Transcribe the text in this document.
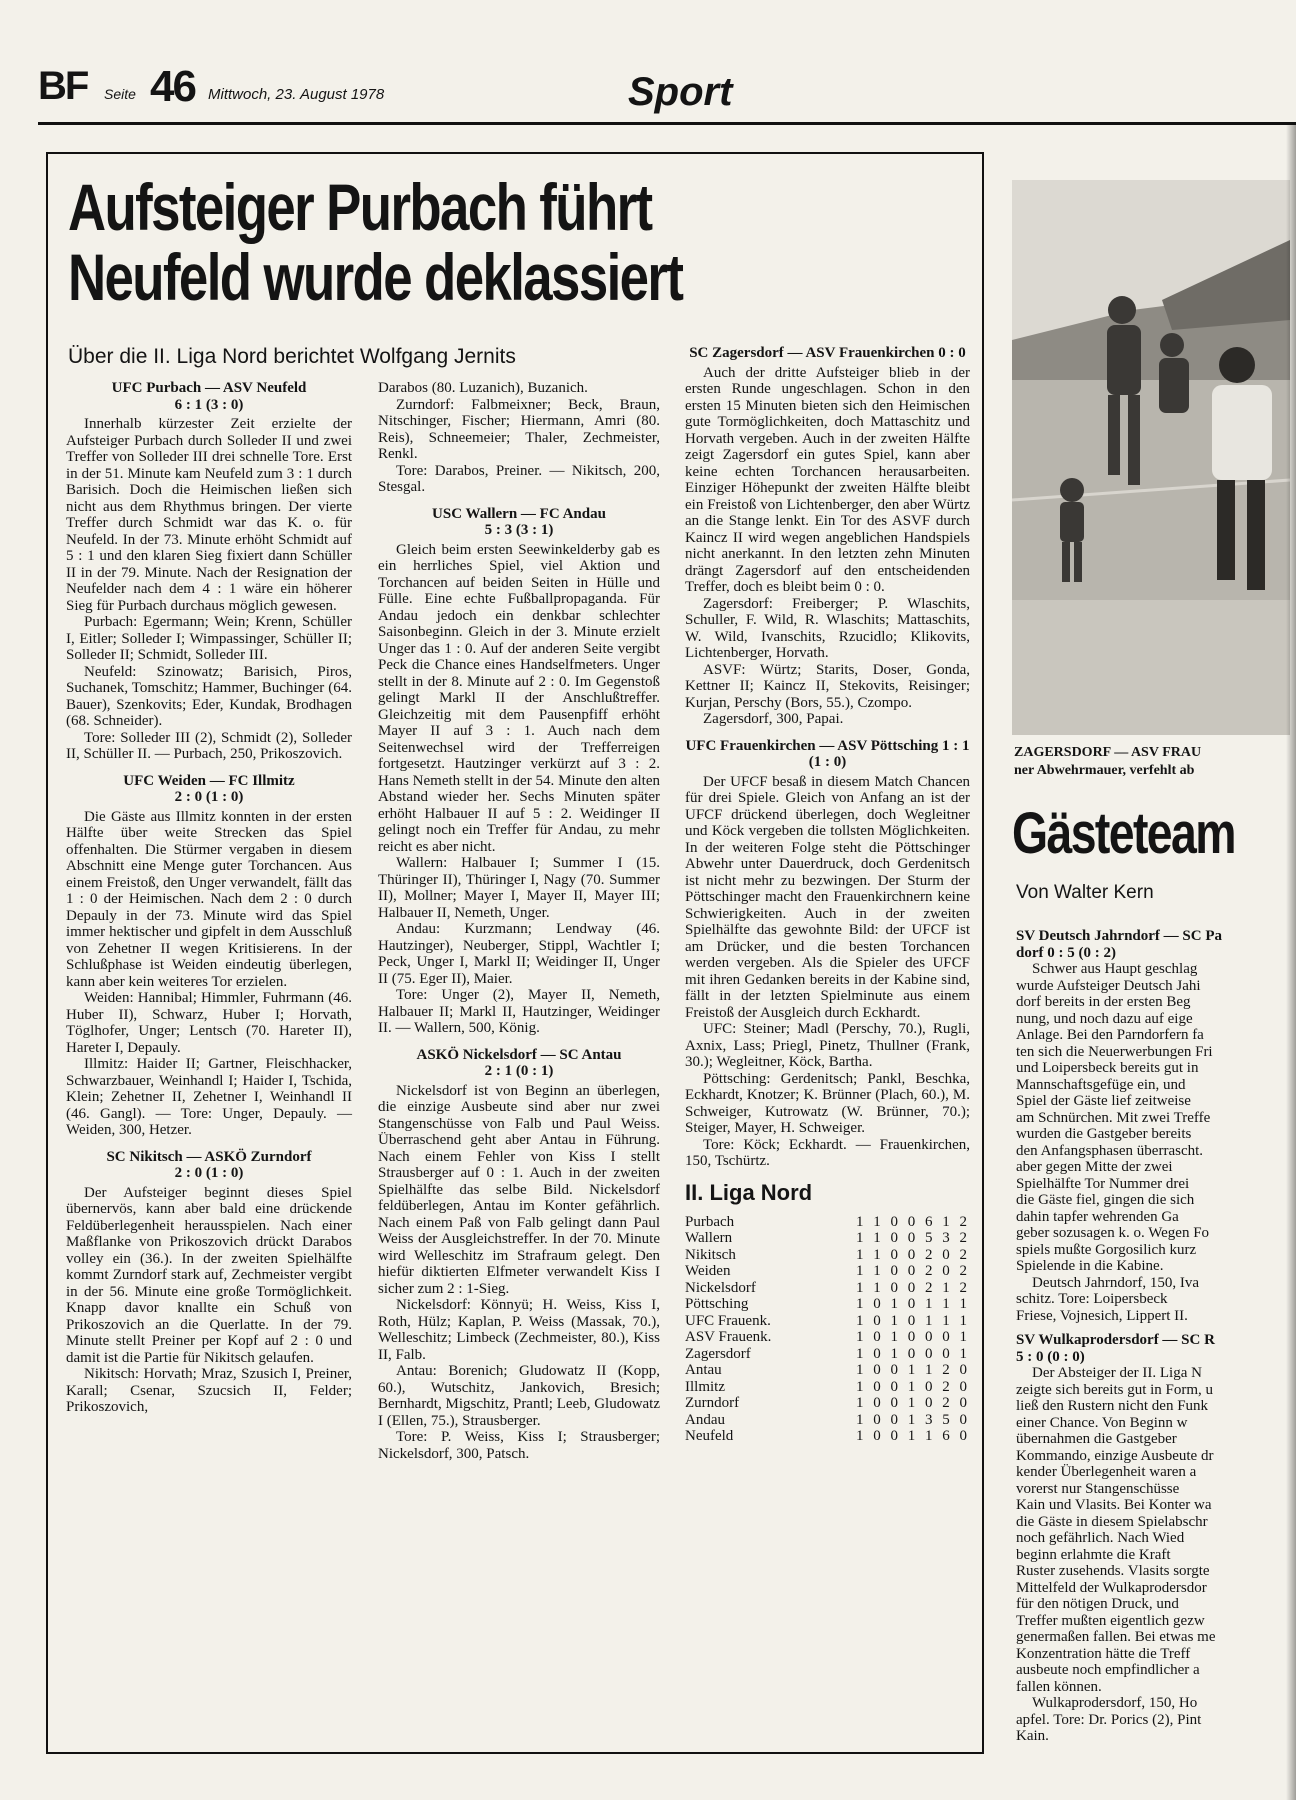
BF Seite 46 Mittwoch, 23. August 1978	Sport
Aufsteiger Purbach führt
Neufeld wurde deklassiert
Über die II. Liga Nord berichtet Wolfgang Jernits
UFC Purbach — ASV Neufeld
6 : 1 (3 : 0)

Innerhalb kürzester Zeit erzielte der Aufsteiger Purbach durch Solleder II und zwei Treffer von Solleder III drei schnelle Tore. Erst in der 51. Minute kam Neufeld zum 3 : 1 durch Barisich. Doch die Heimischen ließen sich nicht aus dem Rhythmus bringen. Der vierte Treffer durch Schmidt war das K. o. für Neufeld. In der 73. Minute erhöht Schmidt auf 5 : 1 und den klaren Sieg fixiert dann Schüller II in der 79. Minute. Nach der Resignation der Neufelder nach dem 4 : 1 wäre ein höherer Sieg für Purbach durchaus möglich gewesen.

Purbach: Egermann; Wein; Krenn, Schüller I, Eitler; Solleder I; Wimpassinger, Schüller II; Solleder II; Schmidt, Solleder III.

Neufeld: Szinowatz; Barisich, Piros, Suchanek, Tomschitz; Hammer, Buchinger (64. Bauer), Szenkovits; Eder, Kundak, Brodhagen (68. Schneider).

Tore: Solleder III (2), Schmidt (2), Solleder II, Schüller II. — Purbach, 250, Prikoszovich.

UFC Weiden — FC Illmitz
2 : 0 (1 : 0)

Die Gäste aus Illmitz konnten in der ersten Hälfte über weite Strecken das Spiel offenhalten. Die Stürmer vergaben in diesem Abschnitt eine Menge guter Torchancen. Aus einem Freistoß, den Unger verwandelt, fällt das 1 : 0 der Heimischen. Nach dem 2 : 0 durch Depauly in der 73. Minute wird das Spiel immer hektischer und gipfelt in dem Ausschluß von Zehetner II wegen Kritisierens. In der Schlußphase ist Weiden eindeutig überlegen, kann aber kein weiteres Tor erzielen.

Weiden: Hannibal; Himmler, Fuhrmann (46. Huber II), Schwarz, Huber I; Horvath, Töglhofer, Unger; Lentsch (70. Hareter II), Hareter I, Depauly.

Illmitz: Haider II; Gartner, Fleischhacker, Schwarzbauer, Weinhandl I; Haider I, Tschida, Klein; Zehetner II, Zehetner I, Weinhandl II (46. Gangl). — Tore: Unger, Depauly. — Weiden, 300, Hetzer.

SC Nikitsch — ASKÖ Zurndorf
2 : 0 (1 : 0)

Der Aufsteiger beginnt dieses Spiel übernervös, kann aber bald eine drückende Feldüberlegenheit herausspielen. Nach einer Maßflanke von Prikoszovich drückt Darabos volley ein (36.). In der zweiten Spielhälfte kommt Zurndorf stark auf, Zechmeister vergibt in der 56. Minute eine große Tormöglichkeit. Knapp davor knallte ein Schuß von Prikoszovich an die Querlatte. In der 79. Minute stellt Preiner per Kopf auf 2 : 0 und damit ist die Partie für Nikitsch gelaufen.

Nikitsch: Horvath; Mraz, Szusich I, Preiner, Karall; Csenar, Szucsich II, Felder; Prikoszovich,

Darabos (80. Luzanich), Buzanich.

Zurndorf: Falbmeixner; Beck, Braun, Nitschinger, Fischer; Hiermann, Amri (80. Reis), Schneemeier; Thaler, Zechmeister, Renkl.

Tore: Darabos, Preiner. — Nikitsch, 200, Stesgal.

USC Wallern — FC Andau
5 : 3 (3 : 1)

Gleich beim ersten Seewinkelderby gab es ein herrliches Spiel, viel Aktion und Torchancen auf beiden Seiten in Hülle und Fülle. Eine echte Fußballpropaganda. Für Andau jedoch ein denkbar schlechter Saisonbeginn. Gleich in der 3. Minute erzielt Unger das 1 : 0. Auf der anderen Seite vergibt Peck die Chance eines Handselfmeters. Unger stellt in der 8. Minute auf 2 : 0. Im Gegenstoß gelingt Markl II der Anschlußtreffer. Gleichzeitig mit dem Pausenpfiff erhöht Mayer II auf 3 : 1. Auch nach dem Seitenwechsel wird der Trefferreigen fortgesetzt. Hautzinger verkürzt auf 3 : 2. Hans Nemeth stellt in der 54. Minute den alten Abstand wieder her. Sechs Minuten später erhöht Halbauer II auf 5 : 2. Weidinger II gelingt noch ein Treffer für Andau, zu mehr reicht es aber nicht.

Wallern: Halbauer I; Summer I (15. Thüringer II), Thüringer I, Nagy (70. Summer II), Mollner; Mayer I, Mayer II, Mayer III; Halbauer II, Nemeth, Unger.

Andau: Kurzmann; Lendway (46. Hautzinger), Neuberger, Stippl, Wachtler I; Peck, Unger I, Markl II; Weidinger II, Unger II (75. Eger II), Maier.

Tore: Unger (2), Mayer II, Nemeth, Halbauer II; Markl II, Hautzinger, Weidinger II. — Wallern, 500, König.

ASKÖ Nickelsdorf — SC Antau
2 : 1 (0 : 1)

Nickelsdorf ist von Beginn an überlegen, die einzige Ausbeute sind aber nur zwei Stangenschüsse von Falb und Paul Weiss. Überraschend geht aber Antau in Führung. Nach einem Fehler von Kiss I stellt Strausberger auf 0 : 1. Auch in der zweiten Spielhälfte das selbe Bild. Nickelsdorf feldüberlegen, Antau im Konter gefährlich. Nach einem Paß von Falb gelingt dann Paul Weiss der Ausgleichstreffer. In der 70. Minute wird Welleschitz im Strafraum gelegt. Den hiefür diktierten Elfmeter verwandelt Kiss I sicher zum 2 : 1-Sieg.

Nickelsdorf: Könnyü; H. Weiss, Kiss I, Roth, Hülz; Kaplan, P. Weiss (Massak, 70.), Welleschitz; Limbeck (Zechmeister, 80.), Kiss II, Falb.

Antau: Borenich; Gludowatz II (Kopp, 60.), Wutschitz, Jankovich, Bresich; Bernhardt, Migschitz, Prantl; Leeb, Gludowatz I (Ellen, 75.), Strausberger.

Tore: P. Weiss, Kiss I; Strausberger; Nickelsdorf, 300, Patsch.

SC Zagersdorf — ASV Frauenkirchen 0 : 0

Auch der dritte Aufsteiger blieb in der ersten Runde ungeschlagen. Schon in den ersten 15 Minuten bieten sich den Heimischen gute Tormöglichkeiten, doch Mattaschitz und Horvath vergeben. Auch in der zweiten Hälfte zeigt Zagersdorf ein gutes Spiel, kann aber keine echten Torchancen herausarbeiten. Einziger Höhepunkt der zweiten Hälfte bleibt ein Freistoß von Lichtenberger, den aber Würtz an die Stange lenkt. Ein Tor des ASVF durch Kaincz II wird wegen angeblichen Handspiels nicht anerkannt. In den letzten zehn Minuten drängt Zagersdorf auf den entscheidenden Treffer, doch es bleibt beim 0 : 0.

Zagersdorf: Freiberger; P. Wlaschits, Schuller, F. Wild, R. Wlaschits; Mattaschits, W. Wild, Ivanschits, Rzucidlo; Klikovits, Lichtenberger, Horvath.

ASVF: Würtz; Starits, Doser, Gonda, Kettner II; Kaincz II, Stekovits, Reisinger; Kurjan, Perschy (Bors, 55.), Czompo.

Zagersdorf, 300, Papai.

UFC Frauenkirchen — ASV Pöttsching 1 : 1 (1 : 0)

Der UFCF besaß in diesem Match Chancen für drei Spiele. Gleich von Anfang an ist der UFCF drückend überlegen, doch Wegleitner und Köck vergeben die tollsten Möglichkeiten. In der weiteren Folge steht die Pöttschinger Abwehr unter Dauerdruck, doch Gerdenitsch ist nicht mehr zu bezwingen. Der Sturm der Pöttschinger macht den Frauenkirchnern keine Schwierigkeiten. Auch in der zweiten Spielhälfte das gewohnte Bild: der UFCF ist am Drücker, und die besten Torchancen werden vergeben. Als die Spieler des UFCF mit ihren Gedanken bereits in der Kabine sind, fällt in der letzten Spielminute aus einem Freistoß der Ausgleich durch Eckhardt.

UFC: Steiner; Madl (Perschy, 70.), Rugli, Axnix, Lass; Priegl, Pinetz, Thullner (Frank, 30.); Wegleitner, Köck, Bartha.

Pöttsching: Gerdenitsch; Pankl, Beschka, Eckhardt, Knotzer; K. Brünner (Plach, 60.), M. Schweiger, Kutrowatz (W. Brünner, 70.); Steiger, Mayer, H. Schweiger.

Tore: Köck; Eckhardt. — Frauenkirchen, 150, Tschürtz.

II. Liga Nord
Purbach	1 1 0 0 6 1 2
Wallern	1 1 0 0 5 3 2
Nikitsch	1 1 0 0 2 0 2
Weiden	1 1 0 0 2 0 2
Nickelsdorf	1 1 0 0 2 1 2
Pöttsching	1 0 1 0 1 1 1
UFC Frauenk.	1 0 1 0 1 1 1
ASV Frauenk.	1 0 1 0 0 0 1
Zagersdorf	1 0 1 0 0 0 1
Antau	1 0 0 1 1 2 0
Illmitz	1 0 0 1 0 2 0
Zurndorf	1 0 0 1 0 2 0
Andau	1 0 0 1 3 5 0
Neufeld	1 0 0 1 1 6 0
ZAGERSDORF — ASV FRAU
ner Abwehrmauer, verfehlt ab
Gästeteam
Von Walter Kern
SV Deutsch Jahrndorf — SC Pa
dorf 0 : 5 (0 : 2)

Schwer aus Haupt geschlag

wurde Aufsteiger Deutsch Jahi

dorf bereits in der ersten Beg

nung, und noch dazu auf eige

Anlage. Bei den Parndorfern fa

ten sich die Neuerwerbungen Fri

und Loipersbeck bereits gut in

Mannschaftsgefüge ein, und

Spiel der Gäste lief zeitweise

am Schnürchen. Mit zwei Treffe

wurden die Gastgeber bereits

den Anfangsphasen überrascht.

aber gegen Mitte der zwei

Spielhälfte Tor Nummer drei

die Gäste fiel, gingen die sich

dahin tapfer wehrenden Ga

geber sozusagen k. o. Wegen Fo

spiels mußte Gorgosilich kurz

Spielende in die Kabine.

Deutsch Jahrndorf, 150, Iva

schitz. Tore: Loipersbeck

Friese, Vojnesich, Lippert II.

SV Wulkaprodersdorf — SC R
5 : 0 (0 : 0)

Der Absteiger der II. Liga N

zeigte sich bereits gut in Form, u

ließ den Rustern nicht den Funk

einer Chance. Von Beginn w

übernahmen die Gastgeber

Kommando, einzige Ausbeute dr

kender Überlegenheit waren a

vorerst nur Stangenschüsse

Kain und Vlasits. Bei Konter wa

die Gäste in diesem Spielabschr

noch gefährlich. Nach Wied

beginn erlahmte die Kraft

Ruster zusehends. Vlasits sorgte

Mittelfeld der Wulkaprodersdor

für den nötigen Druck, und

Treffer mußten eigentlich gezw

genermaßen fallen. Bei etwas me

Konzentration hätte die Treff

ausbeute noch empfindlicher a

fallen können.

Wulkaprodersdorf, 150, Ho

apfel. Tore: Dr. Porics (2), Pint

Kain.
